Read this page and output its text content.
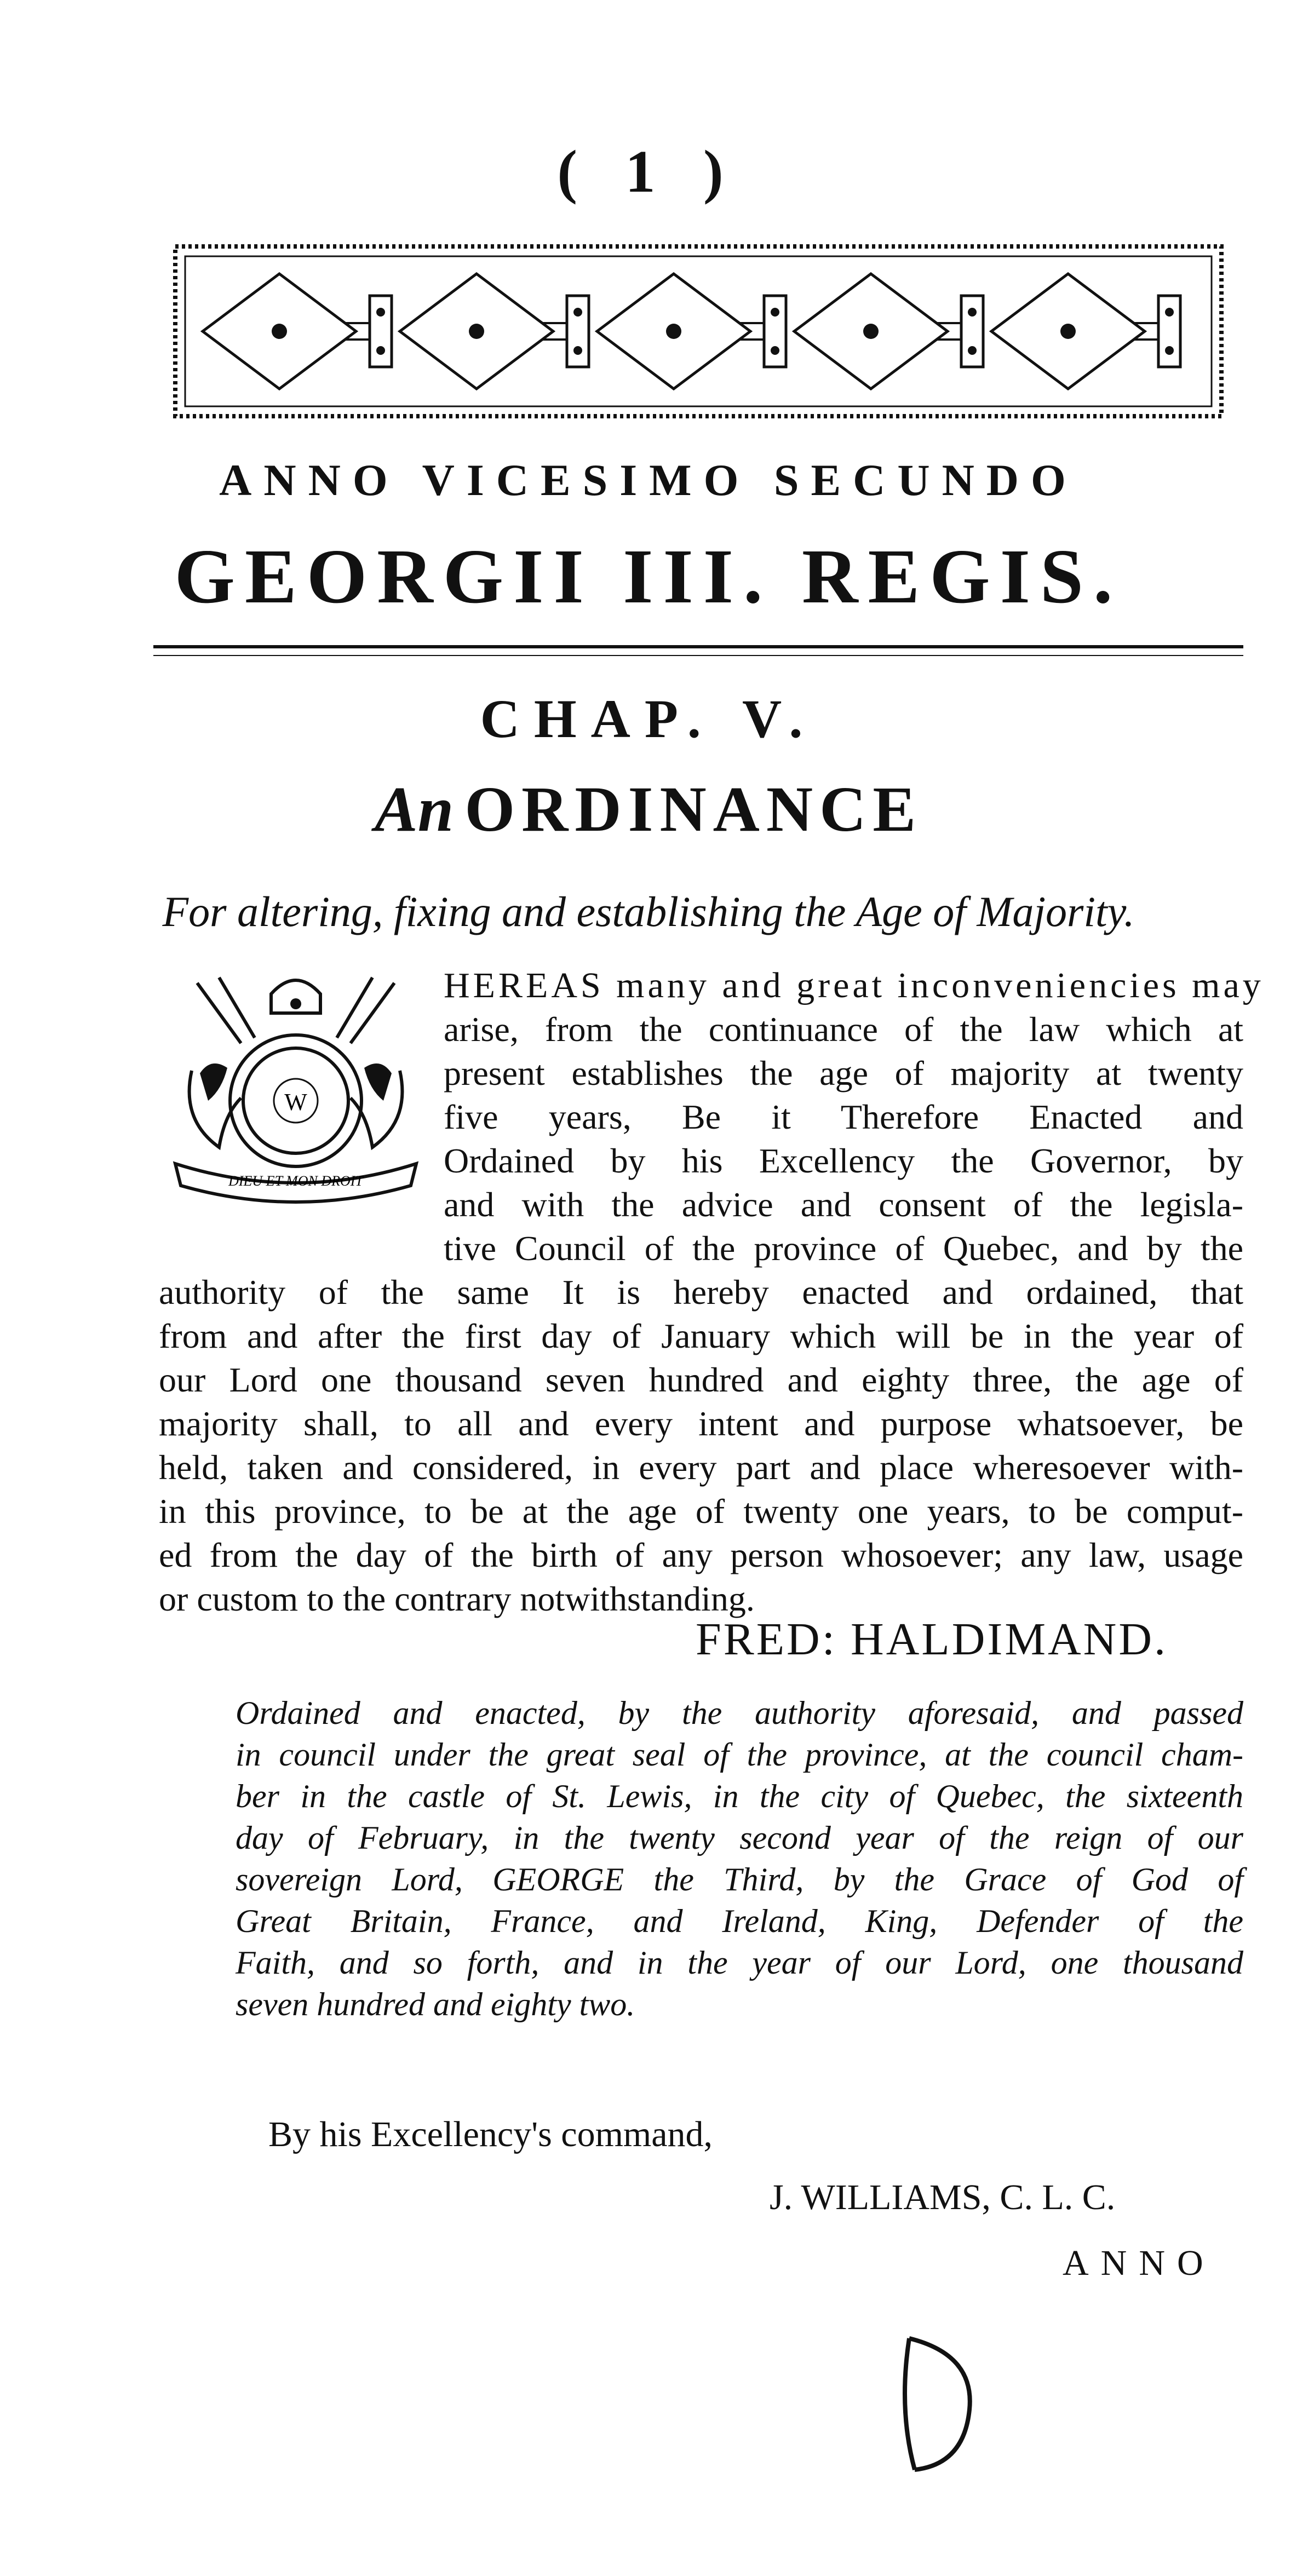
( 1 )
ANNO VICESIMO SECUNDO
GEORGII III. REGIS.
CHAP. V.
An ORDINANCE
For altering, fixing and establishing the Age of Majority.
W
DIEU ET MON DROIT
HEREAS many and great inconveniencies may
arise, from the continuance of the law which at
present establishes the age of majority at twenty
five years, Be it Therefore Enacted and
Ordained by his Excellency the Governor, by
and with the advice and consent of the legisla-
tive Council of the province of Quebec, and by the
authority of the same It is hereby enacted and ordained, that
from and after the first day of January which will be in the year of
our Lord one thousand seven hundred and eighty three, the age of
majority shall, to all and every intent and purpose whatsoever, be
held, taken and considered, in every part and place wheresoever with-
in this province, to be at the age of twenty one years, to be comput-
ed from the day of the birth of any person whosoever; any law, usage
or custom to the contrary notwithstanding.
FRED: HALDIMAND.
Ordained and enacted, by the authority aforesaid, and passed
in council under the great seal of the province, at the council cham-
ber in the castle of St. Lewis, in the city of Quebec, the sixteenth
day of February, in the twenty second year of the reign of our
sovereign Lord, GEORGE the Third, by the Grace of God of
Great Britain, France, and Ireland, King, Defender of the
Faith, and so forth, and in the year of our Lord, one thousand
seven hundred and eighty two.
By his Excellency's command,
J. WILLIAMS, C. L. C.
ANNO
